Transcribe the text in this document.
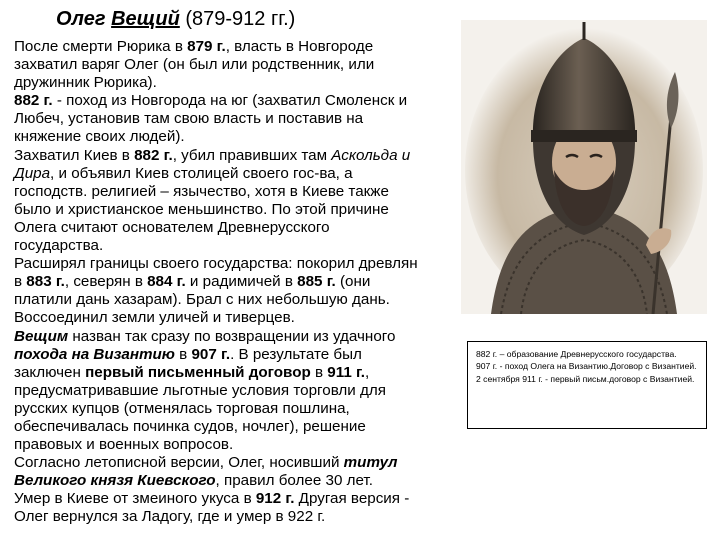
Олег Вещий (879-912 гг.)

После смерти Рюрика в 879 г., власть в Новгороде захватил варяг Олег (он был или родственник, или дружинник Рюрика).

882 г. - поход из Новгорода на юг (захватил Смоленск и Любеч, установив там свою власть и поставив на княжение своих людей).

Захватил Киев в 882 г., убил правивших там Аскольда и Дира, и объявил Киев столицей своего гос-ва, а господств. религией – язычество, хотя в Киеве также было и христианское меньшинство. По этой причине Олега считают основателем Древнерусского государства.

Расширял границы своего государства: покорил древлян в 883 г., северян в 884 г. и радимичей в 885 г. (они платили дань хазарам). Брал с них небольшую дань. Воссоединил земли уличей и тиверцев.

Вещим назван так сразу по возвращении из удачного похода на Византию в 907 г.. В результате был заключен первый письменный договор в 911 г., предусматривавшие льготные условия торговли для русских купцов (отменялась торговая пошлина, обеспечивалась починка судов, ночлег), решение правовых и военных вопросов.

Согласно летописной версии, Олег, носивший титул Великого князя Киевского, правил более 30 лет.

Умер в Киеве от змеиного укуса в 912 г. Другая версия - Олег вернулся за Ладогу, где и умер в 922 г.

882 г. – образование Древнерусского государства.

907 г. - поход Олега на Византию.Договор с Византией.

2 сентября 911 г. - первый письм.договор с Византией.
